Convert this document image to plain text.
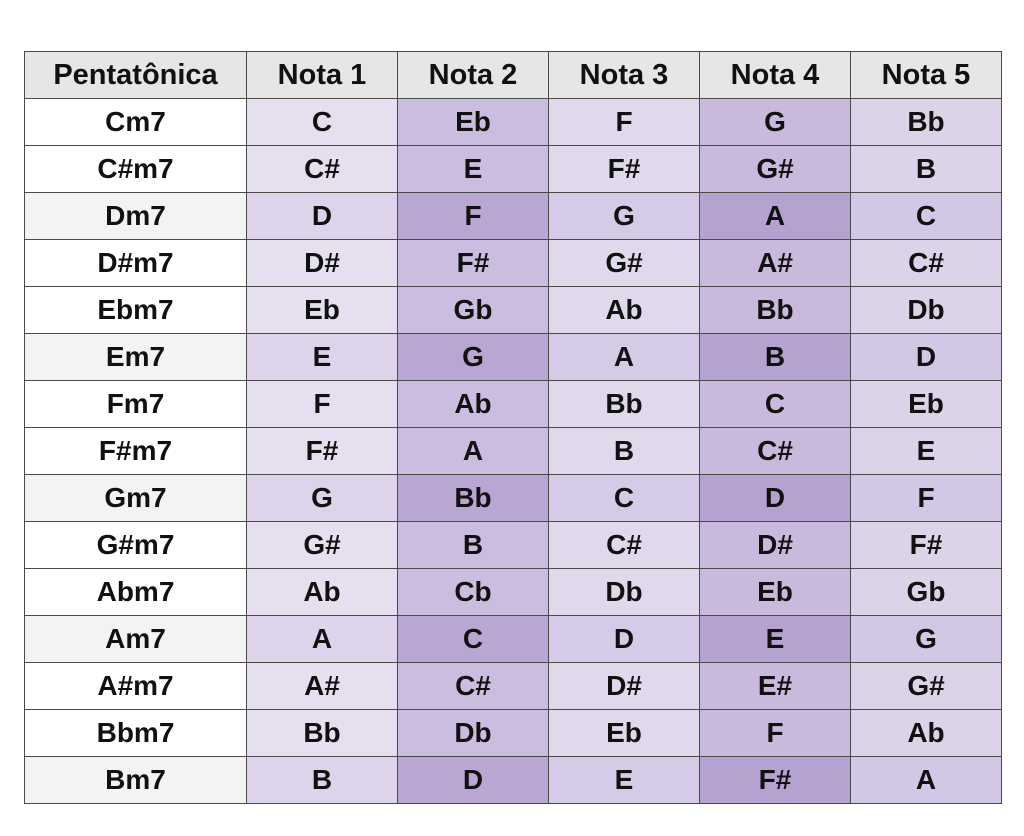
Pentatônica	Nota 1	Nota 2	Nota 3	Nota 4	Nota 5
Cm7	C	Eb	F	G	Bb
C#m7	C#	E	F#	G#	B
Dm7	D	F	G	A	C
D#m7	D#	F#	G#	A#	C#
Ebm7	Eb	Gb	Ab	Bb	Db
Em7	E	G	A	B	D
Fm7	F	Ab	Bb	C	Eb
F#m7	F#	A	B	C#	E
Gm7	G	Bb	C	D	F
G#m7	G#	B	C#	D#	F#
Abm7	Ab	Cb	Db	Eb	Gb
Am7	A	C	D	E	G
A#m7	A#	C#	D#	E#	G#
Bbm7	Bb	Db	Eb	F	Ab
Bm7	B	D	E	F#	A
